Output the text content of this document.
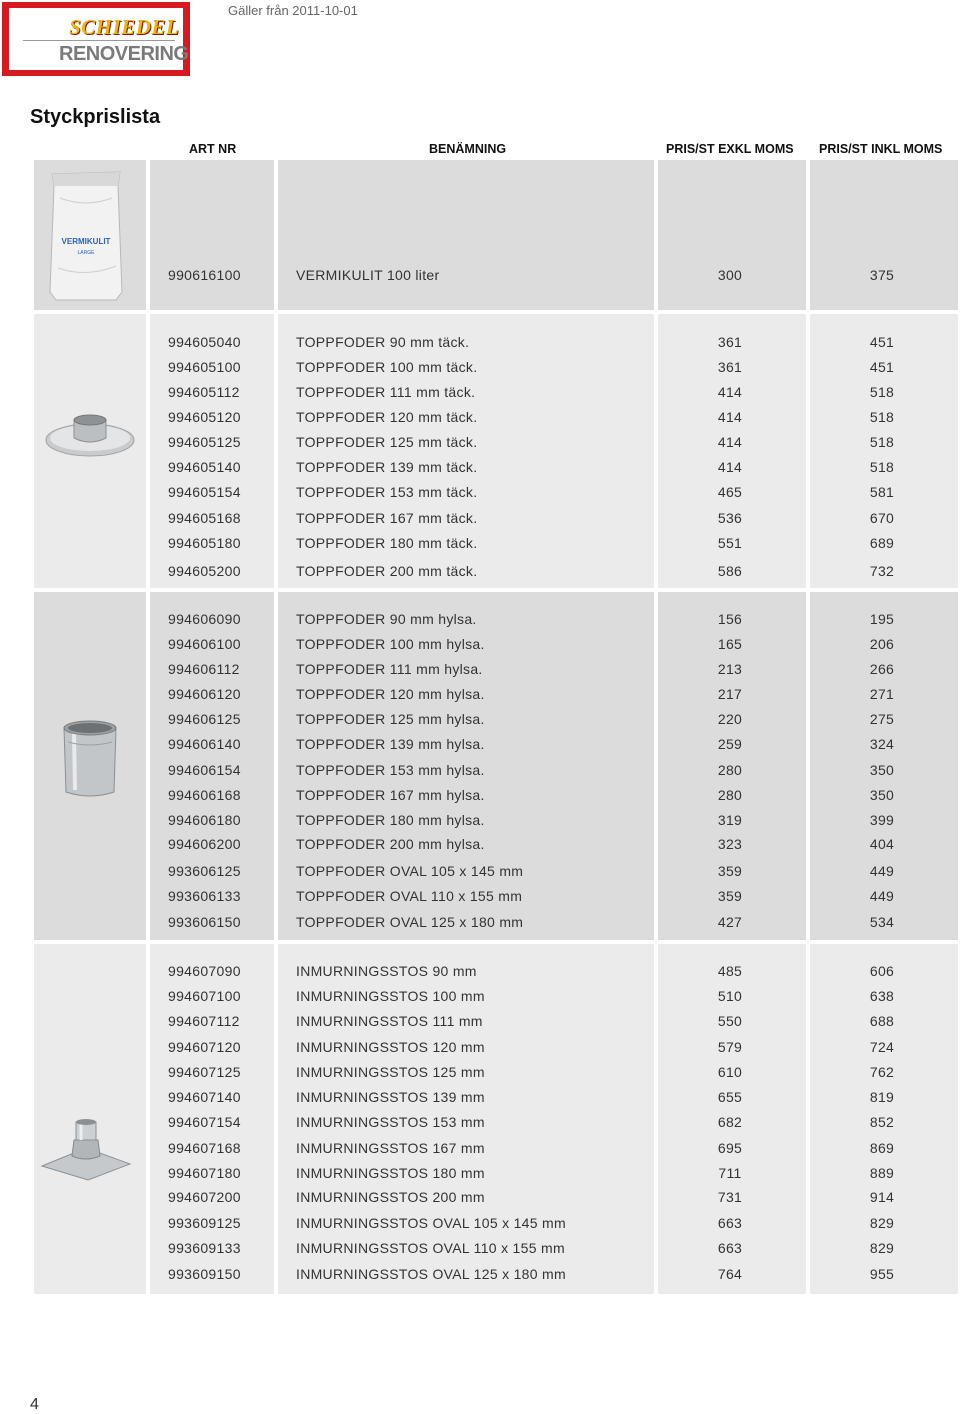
SCHIEDEL
RENOVERING
Gäller från 2011-10-01
Styckprislista
ART NR	BENÄMNING	PRIS/ST EXKL MOMS PRIS/ST INKL MOMS
VERMIKULIT
LARGE
990616100	VERMIKULIT 100 liter	300	375
994605040	TOPPFODER 90 mm täck.	361	451
994605100	TOPPFODER 100 mm täck.	361	451
994605112	TOPPFODER 111 mm täck.	414	518
994605120	TOPPFODER 120 mm täck.	414	518
994605125	TOPPFODER 125 mm täck.	414	518
994605140	TOPPFODER 139 mm täck.	414	518
994605154	TOPPFODER 153 mm täck.	465	581
994605168	TOPPFODER 167 mm täck.	536	670
994605180	TOPPFODER 180 mm täck.	551	689
994605200	TOPPFODER 200 mm täck.	586	732
994606090	TOPPFODER 90 mm hylsa.	156	195
994606100	TOPPFODER 100 mm hylsa.	165	206
994606112	TOPPFODER 111 mm hylsa.	213	266
994606120	TOPPFODER 120 mm hylsa.	217	271
994606125	TOPPFODER 125 mm hylsa.	220	275
994606140	TOPPFODER 139 mm hylsa.	259	324
994606154	TOPPFODER 153 mm hylsa.	280	350
994606168	TOPPFODER 167 mm hylsa.	280	350
994606180	TOPPFODER 180 mm hylsa.	319	399
994606200	TOPPFODER 200 mm hylsa.	323	404
993606125	TOPPFODER OVAL 105 x 145 mm	359	449
993606133	TOPPFODER OVAL 110 x 155 mm	359	449
993606150	TOPPFODER OVAL 125 x 180 mm	427	534
994607090	INMURNINGSSTOS 90 mm	485	606
994607100	INMURNINGSSTOS 100 mm	510	638
994607112	INMURNINGSSTOS 111 mm	550	688
994607120	INMURNINGSSTOS 120 mm	579	724
994607125	INMURNINGSSTOS 125 mm	610	762
994607140	INMURNINGSSTOS 139 mm	655	819
994607154	INMURNINGSSTOS 153 mm	682	852
994607168	INMURNINGSSTOS 167 mm	695	869
994607180	INMURNINGSSTOS 180 mm	711	889
994607200	INMURNINGSSTOS 200 mm	731	914
993609125	INMURNINGSSTOS OVAL 105 x 145 mm	663	829
993609133	INMURNINGSSTOS OVAL 110 x 155 mm	663	829
993609150	INMURNINGSSTOS OVAL 125 x 180 mm	764	955
4
